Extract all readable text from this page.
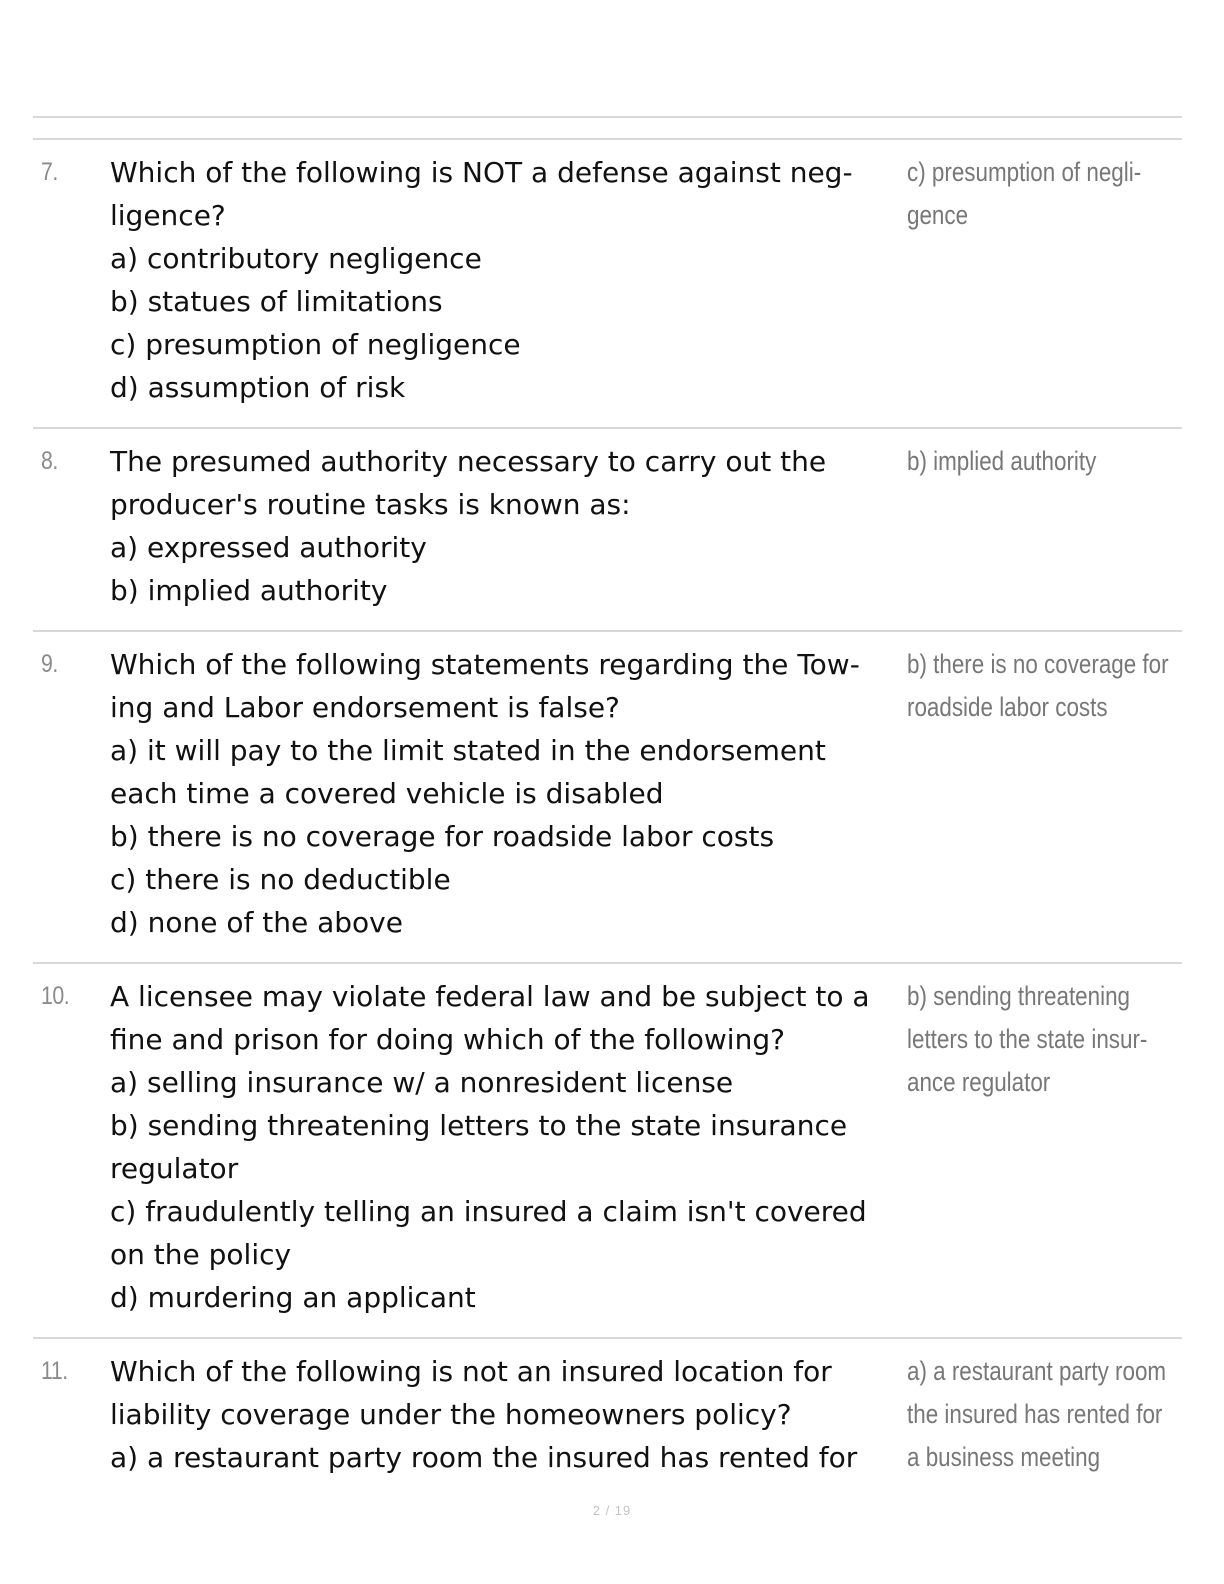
7. Which of the following is NOT a defense against neg-
ligence?
a) contributory negligence
b) statues of limitations
c) presumption of negligence
d) assumption of risk
c) presumption of negli-
gence
8. The presumed authority necessary to carry out the
producer's routine tasks is known as:
a) expressed authority
b) implied authority
b) implied authority
9. Which of the following statements regarding the Tow-
ing and Labor endorsement is false?
a) it will pay to the limit stated in the endorsement
each time a covered vehicle is disabled
b) there is no coverage for roadside labor costs
c) there is no deductible
d) none of the above
b) there is no coverage for
roadside labor costs
10. A licensee may violate federal law and be subject to a
fine and prison for doing which of the following?
a) selling insurance w/ a nonresident license
b) sending threatening letters to the state insurance
regulator
c) fraudulently telling an insured a claim isn't covered
on the policy
d) murdering an applicant
b) sending threatening
letters to the state insur-
ance regulator
11. Which of the following is not an insured location for
liability coverage under the homeowners policy?
a) a restaurant party room the insured has rented for
a) a restaurant party room
the insured has rented for
a business meeting
2 / 19
